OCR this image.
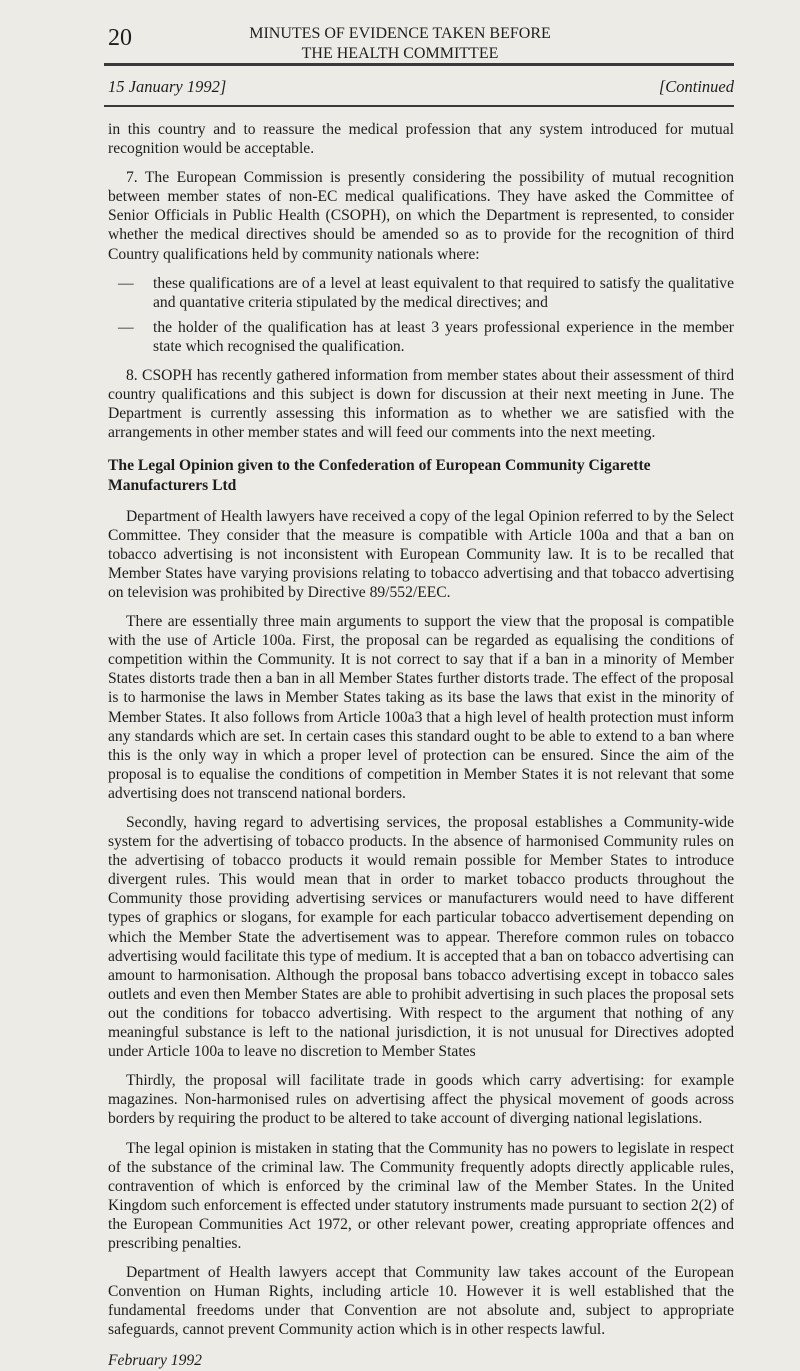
20	MINUTES OF EVIDENCE TAKEN BEFORE
THE HEALTH COMMITTEE
15 January 1992]	[Continued

in this country and to reassure the medical profession that any system introduced for mutual recognition would be acceptable.

7. The European Commission is presently considering the possibility of mutual recognition between member states of non-EC medical qualifications. They have asked the Committee of Senior Officials in Public Health (CSOPH), on which the Department is represented, to consider whether the medical directives should be amended so as to provide for the recognition of third Country qualifications held by community nationals where:

— these qualifications are of a level at least equivalent to that required to satisfy the qualitative and quantative criteria stipulated by the medical directives; and
— the holder of the qualification has at least 3 years professional experience in the member state which recognised the qualification.

8. CSOPH has recently gathered information from member states about their assessment of third country qualifications and this subject is down for discussion at their next meeting in June. The Department is currently assessing this information as to whether we are satisfied with the arrangements in other member states and will feed our comments into the next meeting.

The Legal Opinion given to the Confederation of European Community Cigarette Manufacturers Ltd

Department of Health lawyers have received a copy of the legal Opinion referred to by the Select Committee. They consider that the measure is compatible with Article 100a and that a ban on tobacco advertising is not inconsistent with European Community law. It is to be recalled that Member States have varying provisions relating to tobacco advertising and that tobacco advertising on television was prohibited by Directive 89/552/EEC.

There are essentially three main arguments to support the view that the proposal is compatible with the use of Article 100a. First, the proposal can be regarded as equalising the conditions of competition within the Community. It is not correct to say that if a ban in a minority of Member States distorts trade then a ban in all Member States further distorts trade. The effect of the proposal is to harmonise the laws in Member States taking as its base the laws that exist in the minority of Member States. It also follows from Article 100a3 that a high level of health protection must inform any standards which are set. In certain cases this standard ought to be able to extend to a ban where this is the only way in which a proper level of protection can be ensured. Since the aim of the proposal is to equalise the conditions of competition in Member States it is not relevant that some advertising does not transcend national borders.

Secondly, having regard to advertising services, the proposal establishes a Community-wide system for the advertising of tobacco products. In the absence of harmonised Community rules on the advertising of tobacco products it would remain possible for Member States to introduce divergent rules. This would mean that in order to market tobacco products throughout the Community those providing advertising services or manufacturers would need to have different types of graphics or slogans, for example for each particular tobacco advertisement depending on which the Member State the advertisement was to appear. Therefore common rules on tobacco advertising would facilitate this type of medium. It is accepted that a ban on tobacco advertising can amount to harmonisation. Although the proposal bans tobacco advertising except in tobacco sales outlets and even then Member States are able to prohibit advertising in such places the proposal sets out the conditions for tobacco advertising. With respect to the argument that nothing of any meaningful substance is left to the national jurisdiction, it is not unusual for Directives adopted under Article 100a to leave no discretion to Member States

Thirdly, the proposal will facilitate trade in goods which carry advertising: for example magazines. Non-harmonised rules on advertising affect the physical movement of goods across borders by requiring the product to be altered to take account of diverging national legislations.

The legal opinion is mistaken in stating that the Community has no powers to legislate in respect of the substance of the criminal law. The Community frequently adopts directly applicable rules, contravention of which is enforced by the criminal law of the Member States. In the United Kingdom such enforcement is effected under statutory instruments made pursuant to section 2(2) of the European Communities Act 1972, or other relevant power, creating appropriate offences and prescribing penalties.

Department of Health lawyers accept that Community law takes account of the European Convention on Human Rights, including article 10. However it is well established that the fundamental freedoms under that Convention are not absolute and, subject to appropriate safeguards, cannot prevent Community action which is in other respects lawful.

February 1992
